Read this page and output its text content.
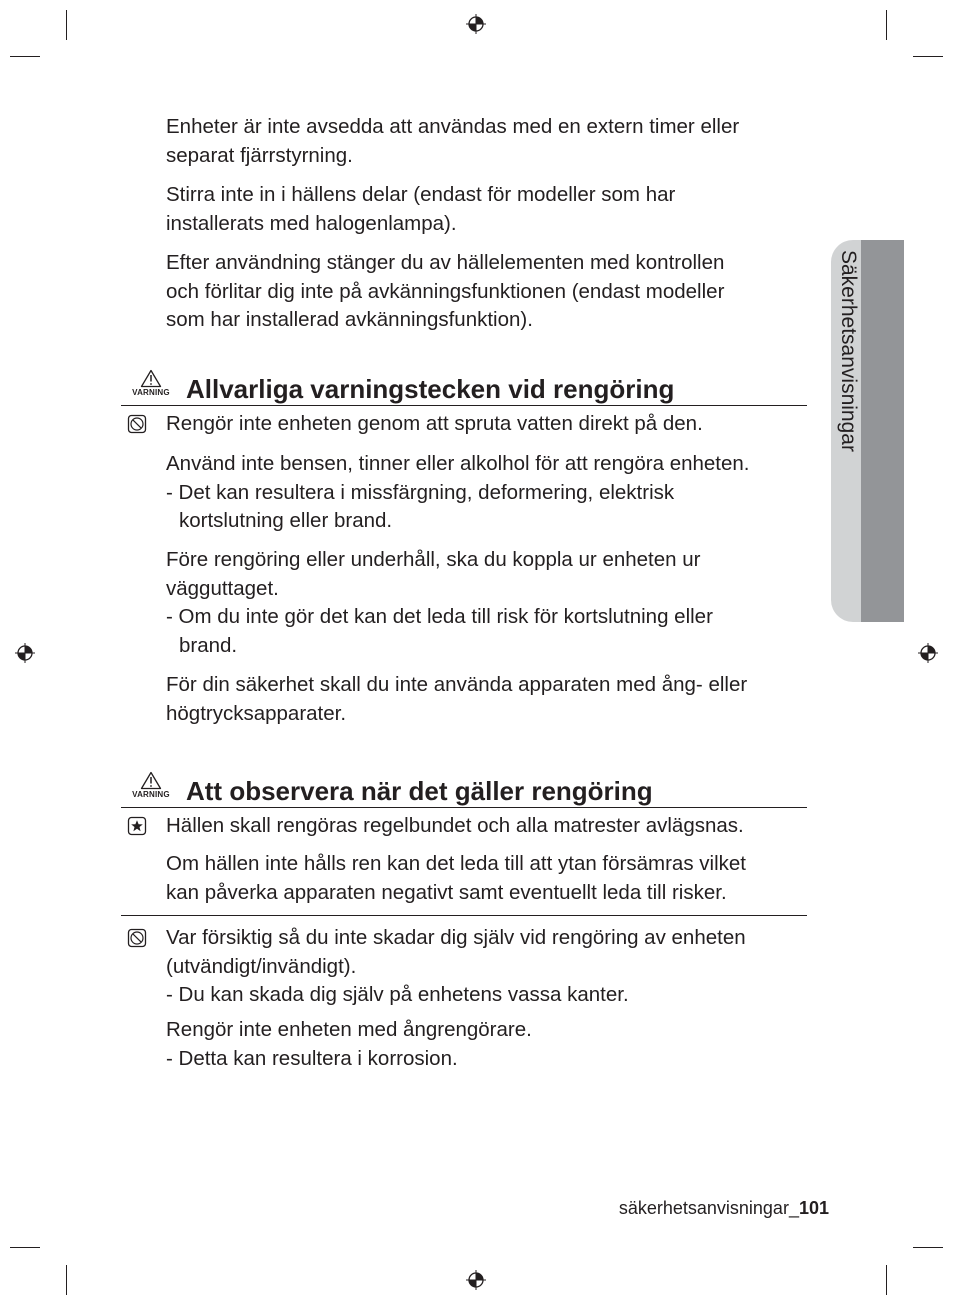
Säkerhetsanvisningar

Enheter är inte avsedda att användas med en extern timer eller
separat fjärrstyrning.

Stirra inte in i hällens delar (endast för modeller som har
installerats med halogenlampa).

Efter användning stänger du av hällelementen med kontrollen
och förlitar dig inte på avkänningsfunktionen (endast modeller
som har installerad avkänningsfunktion).

VARNING Allvarliga varningstecken vid rengöring

Rengör inte enheten genom att spruta vatten direkt på den.

Använd inte bensen, tinner eller alkolhol för att rengöra enheten.
- Det kan resultera i missfärgning, deformering, elektrisk
kortslutning eller brand.

Före rengöring eller underhåll, ska du koppla ur enheten ur
vägguttaget.
- Om du inte gör det kan det leda till risk för kortslutning eller
brand.

För din säkerhet skall du inte använda apparaten med ång- eller
högtrycksapparater.

VARNING Att observera när det gäller rengöring

Hällen skall rengöras regelbundet och alla matrester avlägsnas.

Om hällen inte hålls ren kan det leda till att ytan försämras vilket
kan påverka apparaten negativt samt eventuellt leda till risker.

Var försiktig så du inte skadar dig själv vid rengöring av enheten
(utvändigt/invändigt).
- Du kan skada dig själv på enhetens vassa kanter.

Rengör inte enheten med ångrengörare.
- Detta kan resultera i korrosion.

säkerhetsanvisningar_101
